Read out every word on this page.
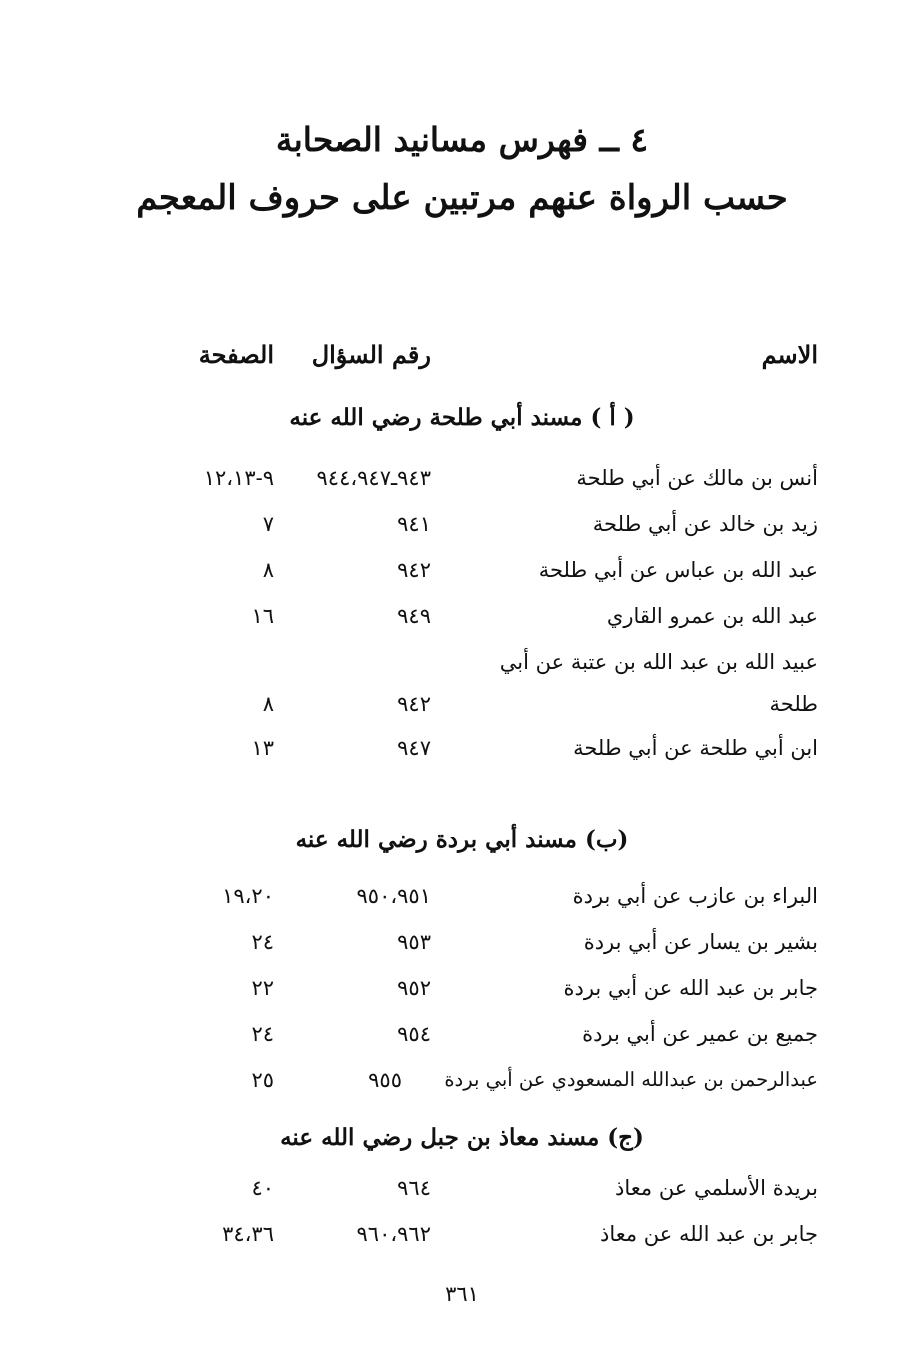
٤ ــ فهرس مسانيد الصحابة
حسب الرواة عنهم مرتبين على حروف المعجم
الاسم
رقم السؤال
الصفحة
( أ ) مسند أبي طلحة رضي الله عنه
أنس بن مالك عن أبي طلحة
٩٤٣ـ٩٤٤،٩٤٧
٩-١٢،١٣
زيد بن خالد عن أبي طلحة
٩٤١
٧
عبد الله بن عباس عن أبي طلحة
٩٤٢
٨
عبد الله بن عمرو القاري
٩٤٩
١٦
عبيد الله بن عبد الله بن عتبة عن أبي
طلحة
٩٤٢
٨
ابن أبي طلحة عن أبي طلحة
٩٤٧
١٣
(ب) مسند أبي بردة رضي الله عنه
البراء بن عازب عن أبي بردة
٩٥٠،٩٥١
١٩،٢٠
بشير بن يسار عن أبي بردة
٩٥٣
٢٤
جابر بن عبد الله عن أبي بردة
٩٥٢
٢٢
جميع بن عمير عن أبي بردة
٩٥٤
٢٤
عبدالرحمن بن عبدالله المسعودي عن أبي بردة
٩٥٥
٢٥
(ج) مسند معاذ بن جبل رضي الله عنه
بريدة الأسلمي عن معاذ
٩٦٤
٤٠
جابر بن عبد الله عن معاذ
٩٦٠،٩٦٢
٣٤،٣٦
٣٦١
